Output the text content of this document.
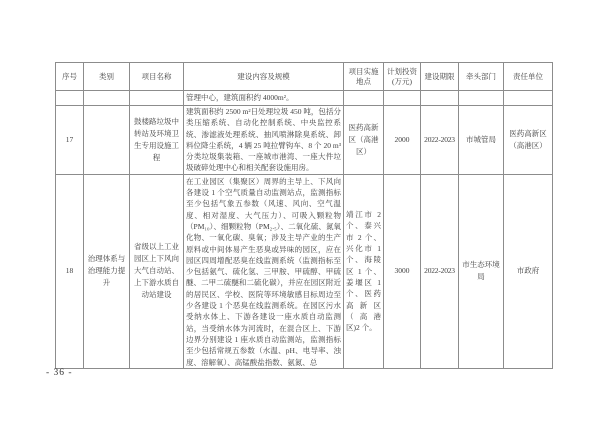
序号	类别	项目名称	建设内容及规模	项目实施地点	计划投资(万元)	建设期限	牵头部门	责任单位
			管理中心，建筑面积约 4000m²。					
17		鼓楼路垃圾中转站及环境卫生专用设施工程	建筑面积约 2500 m²日处理垃圾 450 吨，包括分类压缩系统、自动化控制系统、中央监控系统、渗滤液处理系统、抽风喷淋除臭系统、卸料位降尘系统，4 辆 25 吨拉臂钩车、8 个 20 m³分类垃圾集装箱、一座城市港湾、一座大件垃圾破碎处理中心和相关配套设施用房。	医药高新区（高港区）	2000	2022-2023	市城管局	医药高新区（高港区）
18	治理体系与治理能力提升	省级以上工业园区上下风向大气自动站、上下游水质自动站建设	在工业园区（集聚区）周界的主导上、下风向各建设 1 个空气质量自动监测站点，监测指标至少包括气象五参数（风速、风向、空气温度、相对湿度、大气压力）、可吸入颗粒物（PM₁₀）、细颗粒物（PM₂.₅）、二氧化硫、氮氧化物、一氧化碳、臭氧；涉及主导产业的生产原料或中间体易产生恶臭或异味的园区，应在园区四周增配恶臭在线监测系统（监测指标至少包括氨气、硫化氢、三甲胺、甲硫醇、甲硫醚、二甲二硫醚和二硫化碳），并应在园区附近的居民区、学校、医院等环境敏感目标周边至少各建设 1 个恶臭在线监测系统。在园区污水受纳水体上、下游各建设一座水质自动监测站，当受纳水体为河流时，在混合区上、下游边界分别建设 1 座水质自动监测站，监测指标至少包括常规五参数（水温、pH、电导率、浊度、溶解氧）、高锰酸盐指数、氨氮、总	靖江市 2 个、泰兴市 2 个、兴化市 1 个、海陵区 1 个、姜堰区 1 个、医药高新区（高港区)2 个。	3000	2022-2023	市生态环境局	市政府
- 36 -
